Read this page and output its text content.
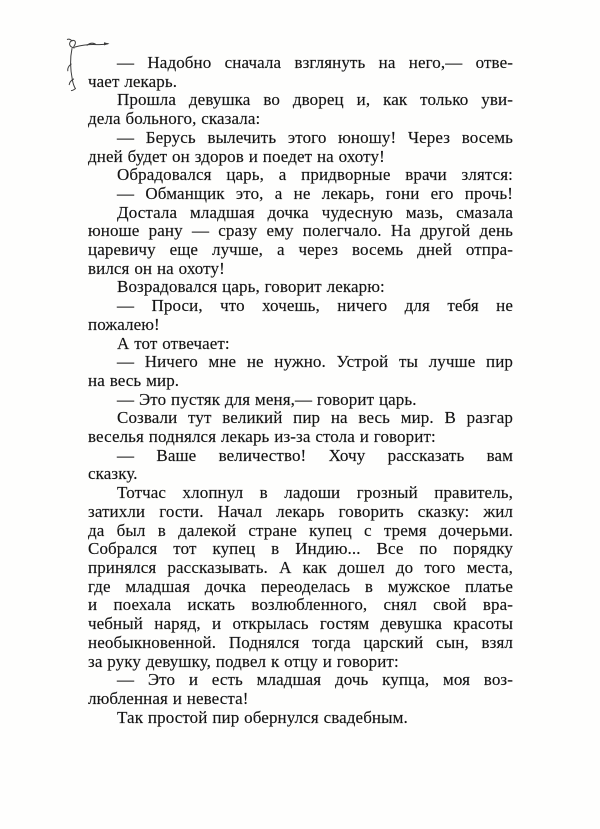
— Надобно сначала взглянуть на него,— отве-
чает лекарь.
Прошла девушка во дворец и, как только уви-
дела больного, сказала:
— Берусь вылечить этого юношу! Через восемь
дней будет он здоров и поедет на охоту!
Обрадовался царь, а придворные врачи злятся:
— Обманщик это, а не лекарь, гони его прочь!
Достала младшая дочка чудесную мазь, смазала
юноше рану — сразу ему полегчало. На другой день
царевичу еще лучше, а через восемь дней отпра-
вился он на охоту!
Возрадовался царь, говорит лекарю:
— Проси, что хочешь, ничего для тебя не
пожалею!
А тот отвечает:
— Ничего мне не нужно. Устрой ты лучше пир
на весь мир.
— Это пустяк для меня,— говорит царь.
Созвали тут великий пир на весь мир. В разгар
веселья поднялся лекарь из-за стола и говорит:
— Ваше величество! Хочу рассказать вам
сказку.
Тотчас хлопнул в ладоши грозный правитель,
затихли гости. Начал лекарь говорить сказку: жил
да был в далекой стране купец с тремя дочерьми.
Собрался тот купец в Индию... Все по порядку
принялся рассказывать. А как дошел до того места,
где младшая дочка переоделась в мужское платье
и поехала искать возлюбленного, снял свой вра-
чебный наряд, и открылась гостям девушка красоты
необыкновенной. Поднялся тогда царский сын, взял
за руку девушку, подвел к отцу и говорит:
— Это и есть младшая дочь купца, моя воз-
любленная и невеста!
Так простой пир обернулся свадебным.
